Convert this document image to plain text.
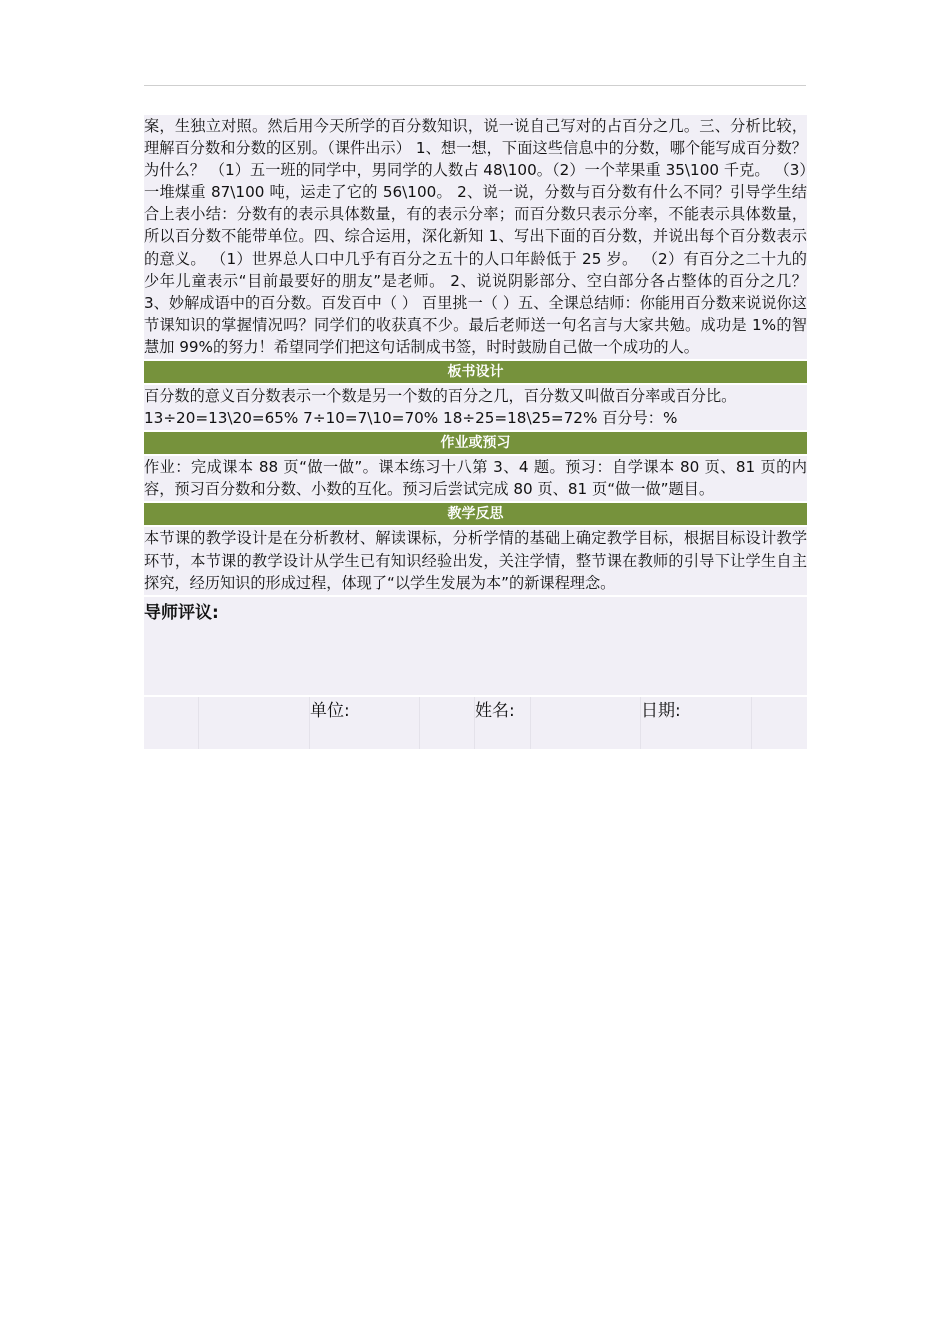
案，生独立对照。然后用今天所学的百分数知识，说一说自己写对的占百分之几。三、分析比较，理解百分数和分数的区别。（课件出示） 1、想一想，下面这些信息中的分数，哪个能写成百分数？为什么？ （1）五一班的同学中，男同学的人数占 48\100。（2）一个苹果重 35\100 千克。 （3）一堆煤重 87\100 吨，运走了它的 56\100。 2、说一说，分数与百分数有什么不同？引导学生结合上表小结：分数有的表示具体数量，有的表示分率；而百分数只表示分率，不能表示具体数量，所以百分数不能带单位。四、综合运用，深化新知 1、写出下面的百分数，并说出每个百分数表示的意义。 （1）世界总人口中几乎有百分之五十的人口年龄低于 25 岁。 （2）有百分之二十九的少年儿童表示“目前最要好的朋友”是老师。 2、说说阴影部分、空白部分各占整体的百分之几？ 3、妙解成语中的百分数。百发百中（ ） 百里挑一（ ）五、全课总结师：你能用百分数来说说你这节课知识的掌握情况吗？同学们的收获真不少。最后老师送一句名言与大家共勉。成功是 1%的智慧加 99%的努力！希望同学们把这句话制成书签，时时鼓励自己做一个成功的人。

板书设计

百分数的意义百分数表示一个数是另一个数的百分之几，百分数又叫做百分率或百分比。

13÷20=13\20=65% 7÷10=7\10=70% 18÷25=18\25=72% 百分号：%

作业或预习

作业：完成课本 88 页“做一做”。课本练习十八第 3、4 题。预习：自学课本 80 页、81 页的内容，预习百分数和分数、小数的互化。预习后尝试完成 80 页、81 页“做一做”题目。

教学反思

本节课的教学设计是在分析教材、解读课标，分析学情的基础上确定教学目标，根据目标设计教学环节，本节课的教学设计从学生已有知识经验出发，关注学情，整节课在教师的引导下让学生自主探究，经历知识的形成过程，体现了“以学生发展为本”的新课程理念。

导师评议:
单位:	姓名:	日期:
